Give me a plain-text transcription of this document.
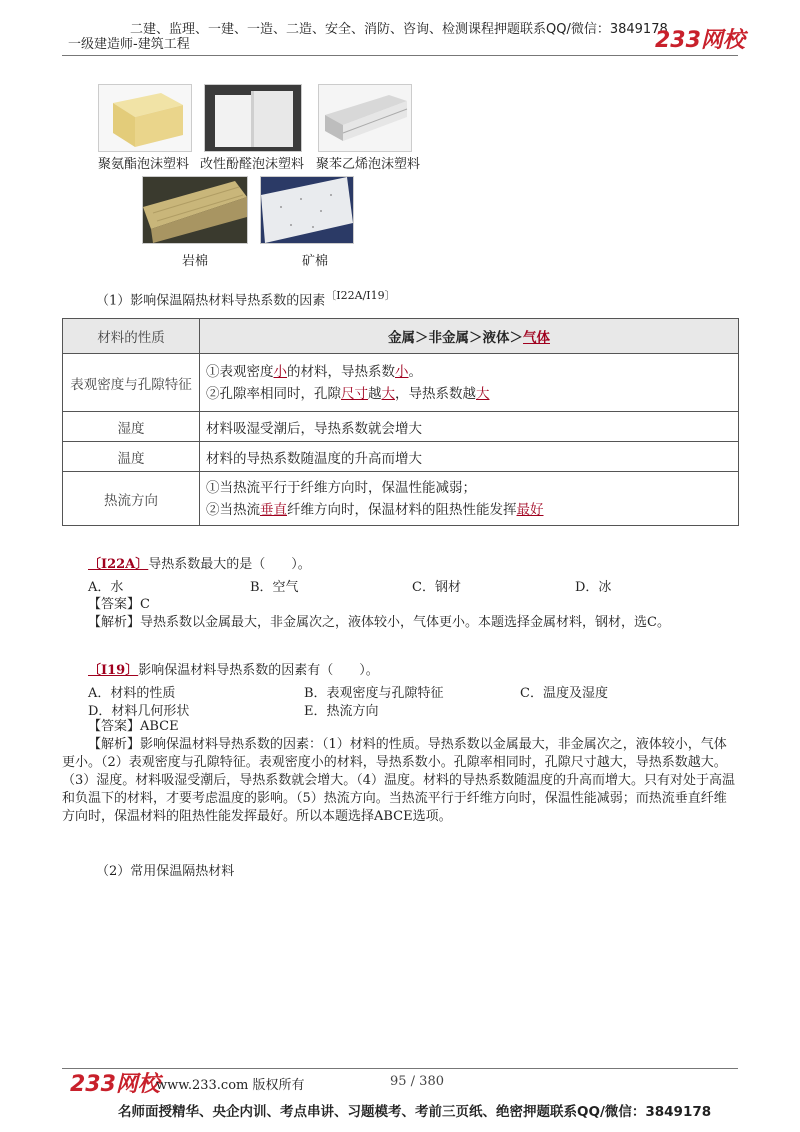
二建、监理、一建、一造、二造、安全、消防、咨询、检测课程押题联系QQ/微信：3849178
一级建造师-建筑工程	233网校
聚氨酯泡沫塑料 改性酚醛泡沫塑料 聚苯乙烯泡沫塑料
岩棉	矿棉
（1）影响保温隔热材料导热系数的因素$^{〔Ⅰ22A/Ⅰ19〕}$
材料的性质	金属＞非金属＞液体＞气体
表观密度与孔隙特征	①表观密度小的材料，导热系数小。
②孔隙率相同时，孔隙尺寸越大，导热系数越大

湿度	材料吸湿受潮后，导热系数就会增大
温度	材料的导热系数随温度的升高而增大
热流方向	①当热流平行于纤维方向时，保温性能减弱；
②当热流垂直纤维方向时，保温材料的阻热性能发挥最好
〔Ⅰ22A〕导热系数最大的是（　　）。
A．水	B．空气	C．钢材	D．冰
【答案】C
【解析】导热系数以金属最大，非金属次之，液体较小，气体更小。本题选择金属材料，钢材，选C。
〔Ⅰ19〕影响保温材料导热系数的因素有（　　）。
A．材料的性质	B．表观密度与孔隙特征	C．温度及湿度
D．材料几何形状	E．热流方向
【答案】ABCE
【解析】影响保温材料导热系数的因素：（1）材料的性质。导热系数以金属最大，非金属次之，液体较小，气体更小。（2）表观密度与孔隙特征。表观密度小的材料，导热系数小。孔隙率相同时，孔隙尺寸越大，导热系数越大。（3）湿度。材料吸湿受潮后，导热系数就会增大。（4）温度。材料的导热系数随温度的升高而增大。只有对处于高温和负温下的材料，才要考虑温度的影响。（5）热流方向。当热流平行于纤维方向时，保温性能减弱；而热流垂直纤维方向时，保温材料的阻热性能发挥最好。所以本题选择ABCE选项。
（2）常用保温隔热材料
233网校
www.233.com 版权所有	95 / 380
名师面授精华、央企内训、考点串讲、习题模考、考前三页纸、绝密押题联系QQ/微信：3849178
